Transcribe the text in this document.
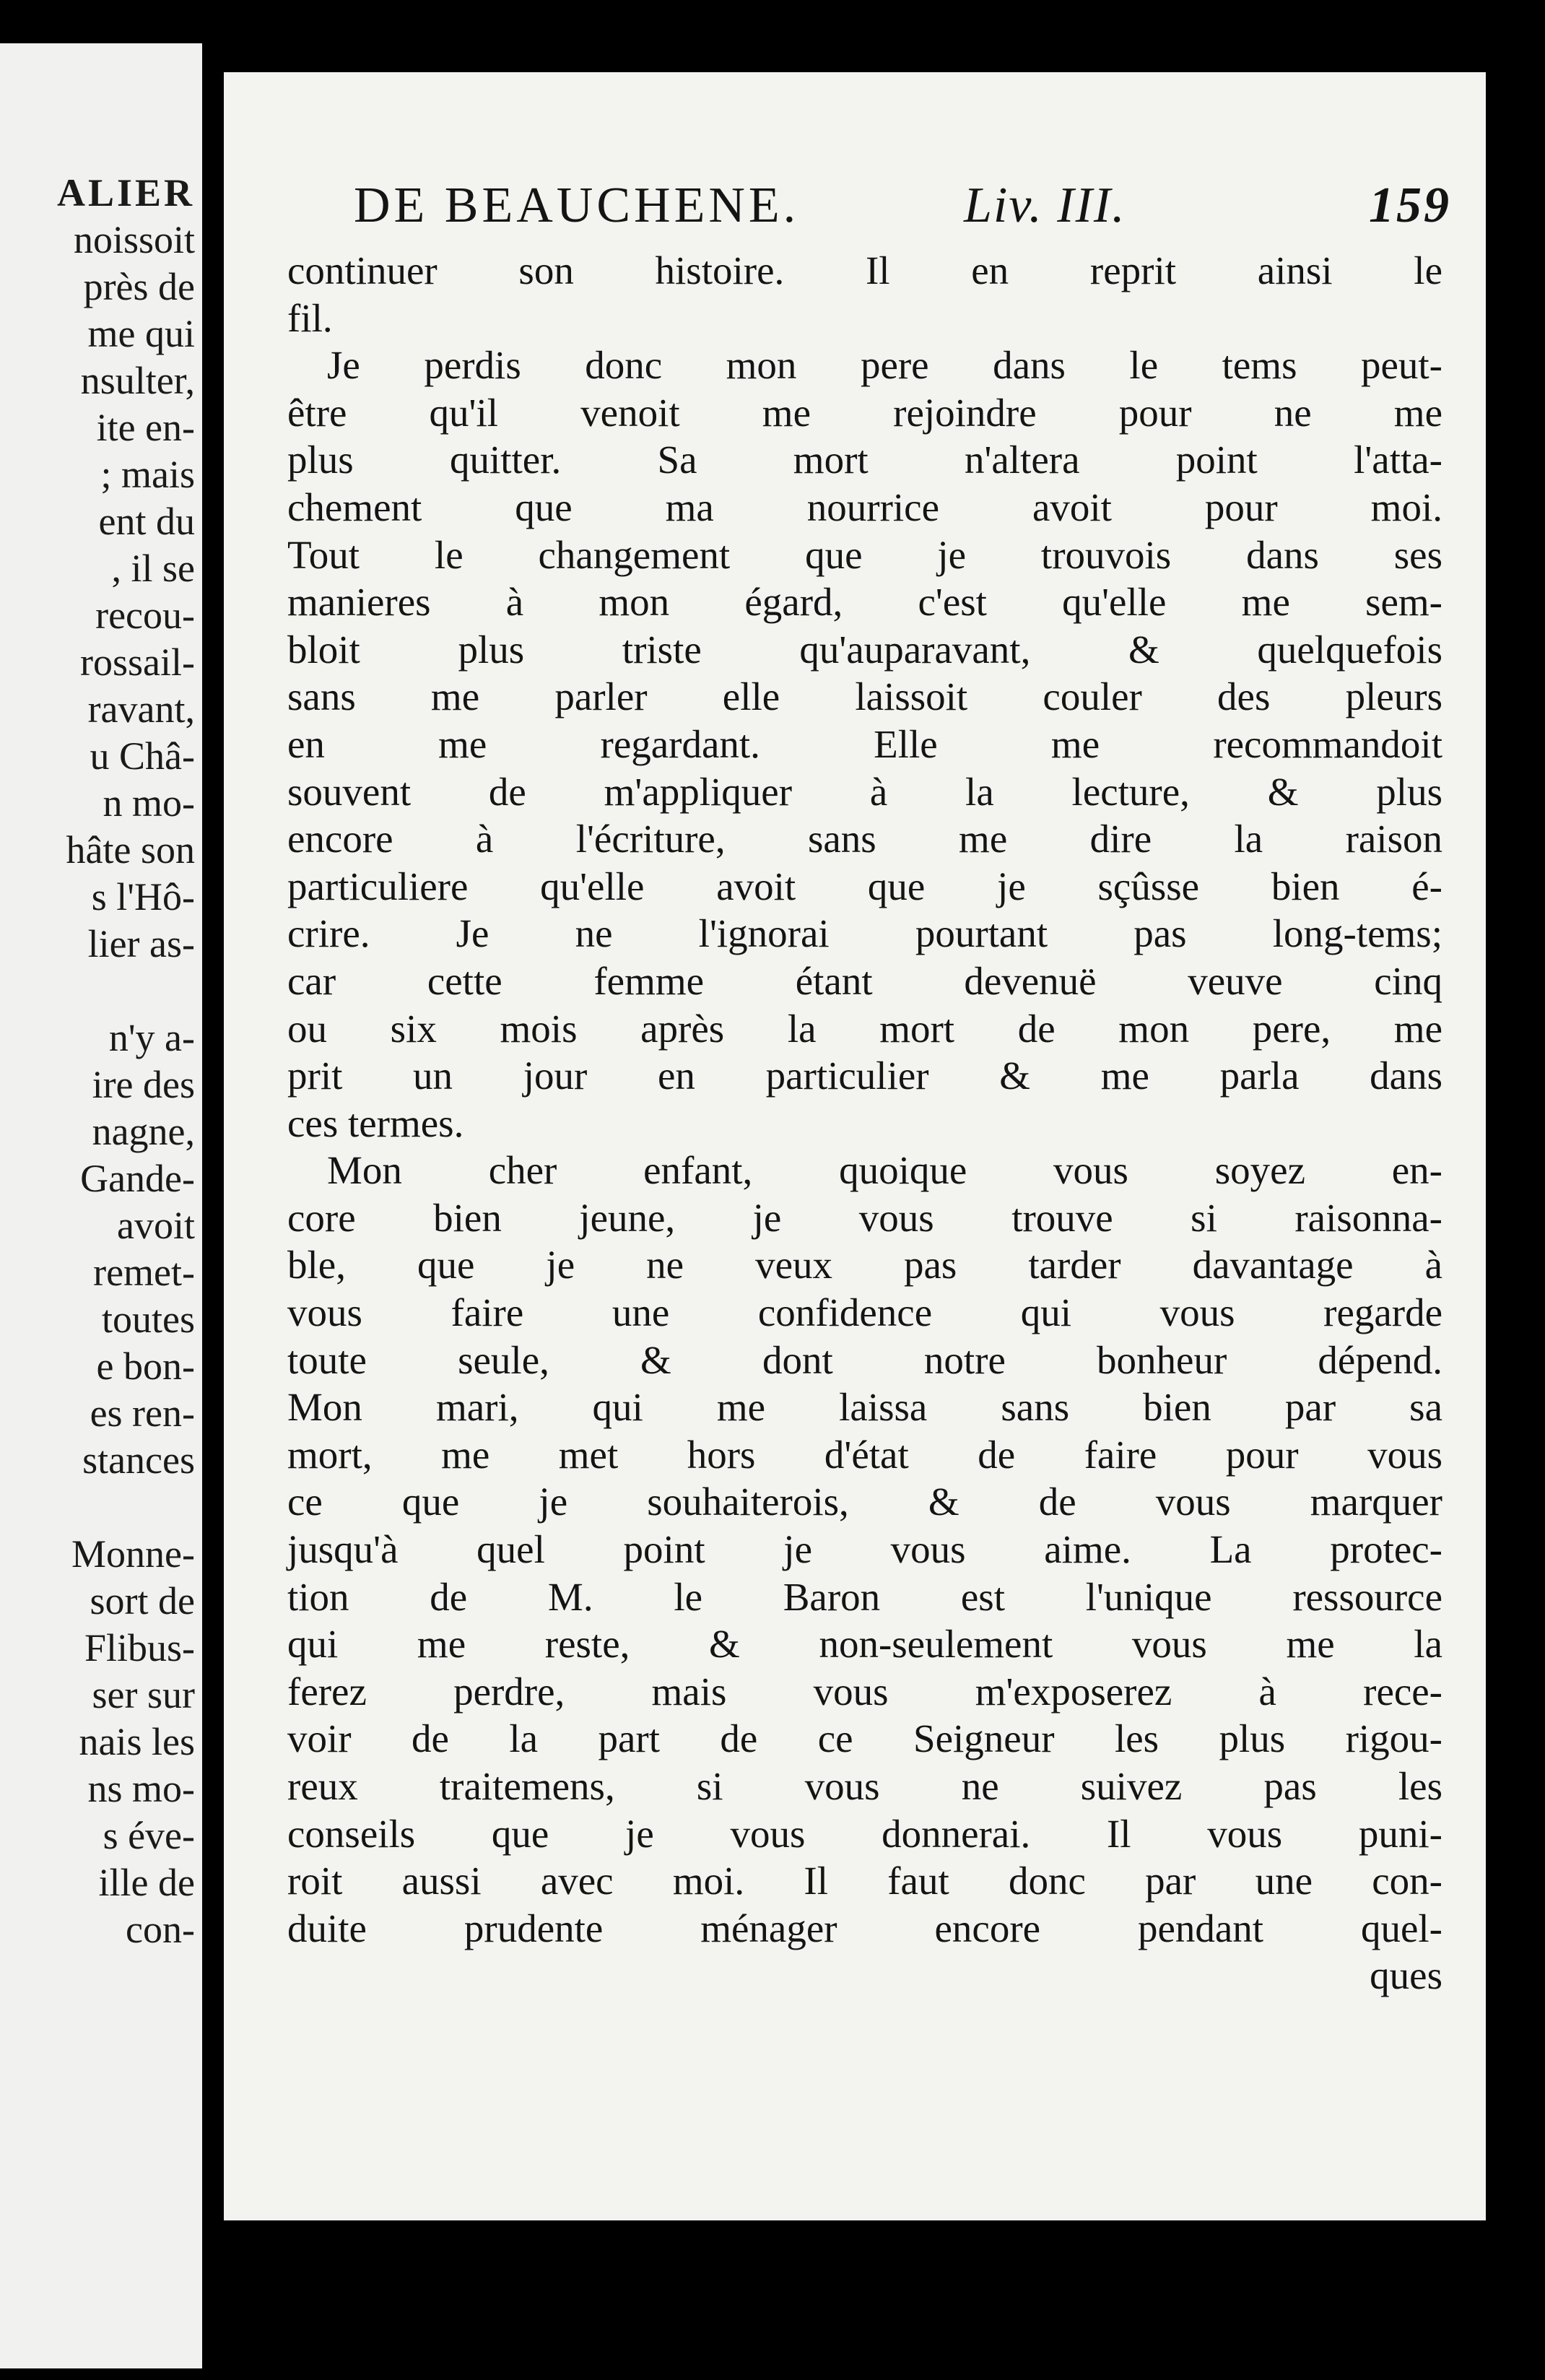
ALIER
noissoit
près de
me qui
nsulter,
ite en-
; mais
ent du
, il se
recou-
rossail-
ravant,
u Châ-
n mo-
hâte son
s l'Hô-
lier as-
n'y a-
ire des
nagne,
Gande-
avoit
remet-
toutes
e bon-
es ren-
stances
Monne-
sort de
Flibus-
ser sur
nais les
ns mo-
s éve-
ille de
con-
DE BEAUCHENE.	Liv. III.	159
continuer son histoire. Il en reprit ainsi le
fil.
Je perdis donc mon pere dans le tems peut-
être qu'il venoit me rejoindre pour ne me
plus quitter. Sa mort n'altera point l'atta-
chement que ma nourrice avoit pour moi.
Tout le changement que je trouvois dans ses
manieres à mon égard, c'est qu'elle me sem-
bloit plus triste qu'auparavant, & quelquefois
sans me parler elle laissoit couler des pleurs
en me regardant. Elle me recommandoit
souvent de m'appliquer à la lecture, & plus
encore à l'écriture, sans me dire la raison
particuliere qu'elle avoit que je sçûsse bien é-
crire. Je ne l'ignorai pourtant pas long-tems;
car cette femme étant devenuë veuve cinq
ou six mois après la mort de mon pere, me
prit un jour en particulier & me parla dans
ces termes.
Mon cher enfant, quoique vous soyez en-
core bien jeune, je vous trouve si raisonna-
ble, que je ne veux pas tarder davantage à
vous faire une confidence qui vous regarde
toute seule, & dont notre bonheur dépend.
Mon mari, qui me laissa sans bien par sa
mort, me met hors d'état de faire pour vous
ce que je souhaiterois, & de vous marquer
jusqu'à quel point je vous aime. La protec-
tion de M. le Baron est l'unique ressource
qui me reste, & non-seulement vous me la
ferez perdre, mais vous m'exposerez à rece-
voir de la part de ce Seigneur les plus rigou-
reux traitemens, si vous ne suivez pas les
conseils que je vous donnerai. Il vous puni-
roit aussi avec moi. Il faut donc par une con-
duite prudente ménager encore pendant quel-
ques
